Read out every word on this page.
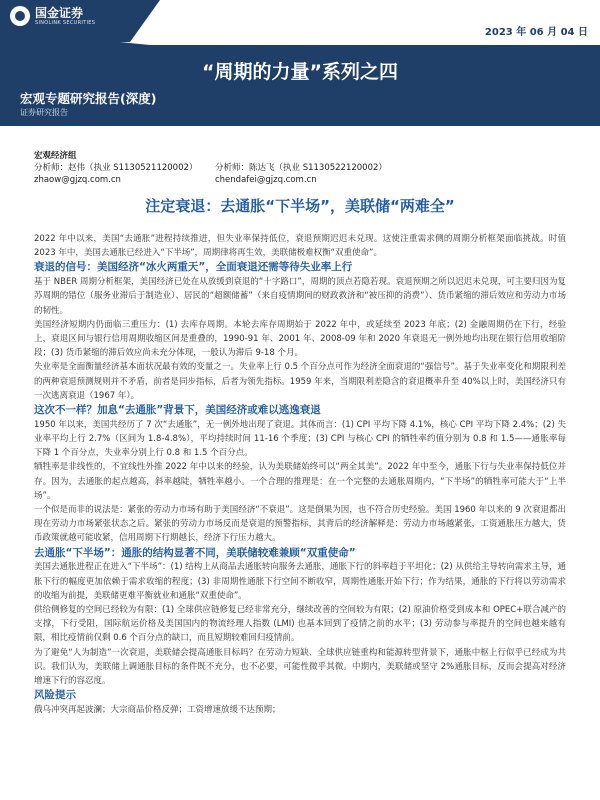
国金证券
SINOLINK SECURITIES
2023 年 06 月 04 日
“周期的力量”系列之四
宏观专题研究报告(深度)
证券研究报告
宏观经济组
分析师：赵伟（执业 S1130521120002）	分析师：陈达飞（执业 S1130522120002）
zhaow@gjzq.com.cn	chendafei@gjzq.com.cn
注定衰退：去通胀“下半场”，美联储“两难全”

2022 年中以来，美国“去通胀”进程持续推进，但失业率保持低位，衰退预期迟迟未兑现。这使注重需求侧的周期分析框架面临挑战。时值 2023 年中，美国去通胀已经进入“下半场”，周期律将再生效，美联储极难权衡“双重使命”。

衰退的信号：美国经济“冰火两重天”，全面衰退还需等待失业率上行

基于 NBER 周期分析框架，美国经济已处在从放缓到衰退的“十字路口”，周期的顶点若隐若现。衰退预期之所以迟迟未兑现，可主要归因为复苏周期的错位（服务业滞后于制造业）、居民的“超额储蓄”（来自疫情期间的财政救济和“被压抑的消费”）、货币紧缩的滞后效应和劳动力市场的韧性。

美国经济短期内仍面临三重压力：(1) 去库存周期。本轮去库存周期始于 2022 年中，或延续至 2023 年底；(2) 金融周期仍在下行，经验上，衰退区间与银行信用周期收缩区间是重叠的，1990-91 年、2001 年、2008-09 年和 2020 年衰退无一例外地均出现在银行信用收缩阶段；(3) 货币紧缩的滞后效应尚未充分体现，一般认为滞后 9-18 个月。

失业率是全面衡量经济基本面状况最有效的变量之一。失业率上行 0.5 个百分点可作为经济全面衰退的“强信号”。基于失业率变化和期限利差的两种衰退预测规则并不矛盾，前者是同步指标，后者为领先指标。1959 年来，当期限利差隐含的衰退概率升至 40%以上时，美国经济只有一次逃离衰退（1967 年）。

这次不一样？加息“去通胀”背景下，美国经济或难以逃逸衰退

1950 年以来，美国共经历了 7 次“去通胀”，无一例外地出现了衰退。其体而言：(1) CPI 平均下降 4.1%，核心 CPI 平均下降 2.4%；(2) 失业率平均上行 2.7%（区间为 1.8-4.8%），平均持续时间 11-16 个季度；(3) CPI 与核心 CPI 的牺牲率约值分别为 0.8 和 1.5——通胀率每下降 1 个百分点，失业率分别上行 0.8 和 1.5 个百分点。

牺牲率是非线性的，不宜线性外推 2022 年中以来的经验，认为美联储始终可以“两全其美”。2022 年中至今，通胀下行与失业率保持低位并存。因为，去通胀的起点越高，斜率越陡，牺牲率越小。一个合理的推理是：在一个完整的去通胀周期内，“下半场”的牺牲率可能大于“上半场”。

一个似是而非的说法是：紧张的劳动力市场有助于美国经济“不衰退”。这是倒果为因，也不符合历史经验。美国 1960 年以来的 9 次衰退都出现在劳动力市场紧张状态之后。紧张的劳动力市场反而是衰退的预警指标，其背后的经济解释是：劳动力市场越紧张，工资通胀压力越大，货币政策就越可能收紧，信用周期下行期越长，经济下行压力越大。

去通胀“下半场”：通胀的结构显著不同，美联储较难兼顾“双重使命”

美国去通胀进程正在进入“下半场”：(1) 结构上从商品去通胀转向服务去通胀，通胀下行的斜率趋于平坦化；(2) 从供给主导转向需求主导，通胀下行的幅度更加依赖于需求收缩的程度；(3) 非周期性通胀下行空间不断收窄，周期性通胀开始下行；作为结果，通胀的下行将以劳动需求的收缩为前提，美联储更难平衡就业和通胀“双重使命”。

供给侧修复的空间已经较为有限：(1) 全球供应链修复已经非常充分，继续改善的空间较为有限；(2) 原油价格受到成本和 OPEC+联合减产的支撑，下行受阻，国际航运价格及美国国内的物流经理人指数 (LMI) 也基本回到了疫情之前的水平；(3) 劳动参与率提升的空间也越来越有限，相比疫情前仅剩 0.6 个百分点的缺口，而且短期较难回归疫情前。

为了避免“人为制造”一次衰退，美联储会提高通胀目标吗？在劳动力短缺、全球供应链重构和能源转型背景下，通胀中枢上行似乎已经成为共识。我们认为，美联储上调通胀目标的条件既不充分，也不必要，可能性微乎其微。中期内，美联储或坚守 2%通胀目标，反而会提高对经济增速下行的容忍度。

风险提示

俄乌冲突再起波澜；大宗商品价格反弹；工资增速放缓不达预期；
